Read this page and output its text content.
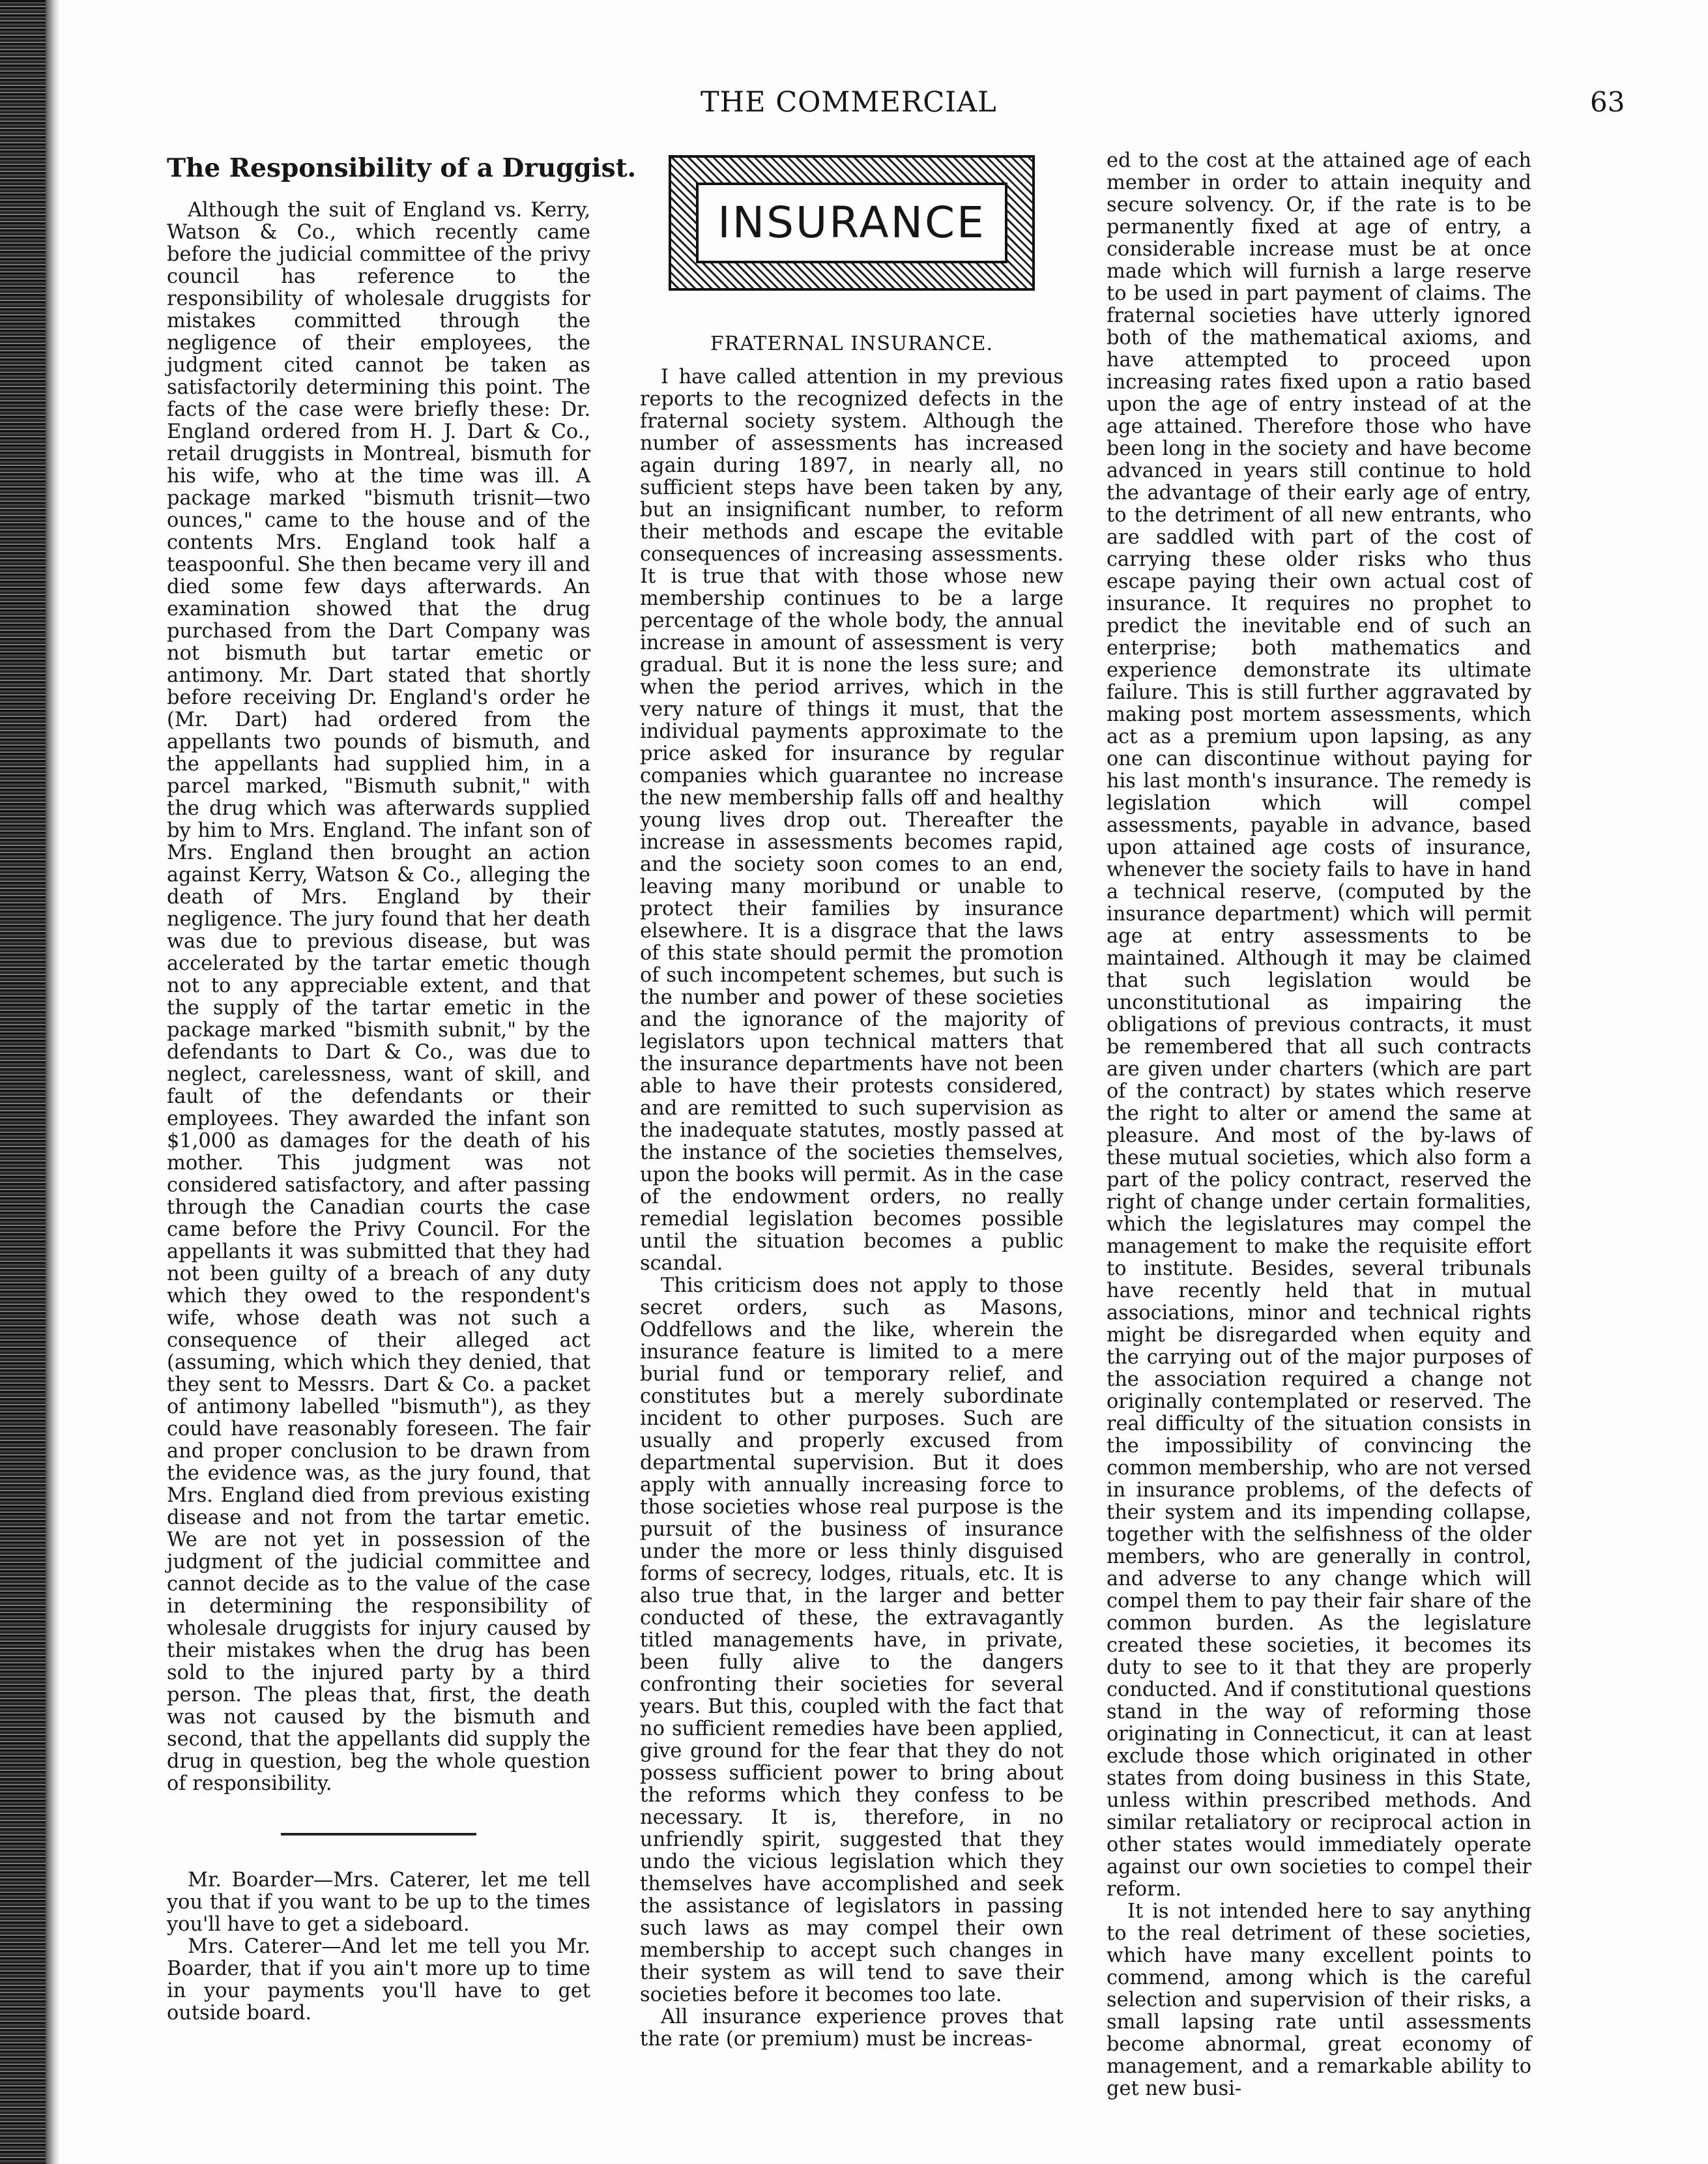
THE COMMERCIAL	63
The Responsibility of a Druggist.

Although the suit of England vs. Kerry, Watson & Co., which recently came before the judicial committee of the privy council has reference to the responsibility of wholesale druggists for mistakes committed through the negligence of their employees, the judgment cited cannot be taken as satisfactorily determining this point. The facts of the case were briefly these: Dr. England ordered from H. J. Dart & Co., retail druggists in Montreal, bismuth for his wife, who at the time was ill. A package marked "bismuth trisnit—two ounces," came to the house and of the contents Mrs. England took half a teaspoonful. She then became very ill and died some few days afterwards. An examination showed that the drug purchased from the Dart Company was not bismuth but tartar emetic or antimony. Mr. Dart stated that shortly before receiving Dr. England's order he (Mr. Dart) had ordered from the appellants two pounds of bismuth, and the appellants had supplied him, in a parcel marked, "Bismuth subnit," with the drug which was afterwards supplied by him to Mrs. England. The infant son of Mrs. England then brought an action against Kerry, Watson & Co., alleging the death of Mrs. England by their negligence. The jury found that her death was due to previous disease, but was accelerated by the tartar emetic though not to any appreciable extent, and that the supply of the tartar emetic in the package marked "bismith subnit," by the defendants to Dart & Co., was due to neglect, carelessness, want of skill, and fault of the defendants or their employees. They awarded the infant son $1,000 as damages for the death of his mother. This judgment was not considered satisfactory, and after passing through the Canadian courts the case came before the Privy Council. For the appellants it was submitted that they had not been guilty of a breach of any duty which they owed to the respondent's wife, whose death was not such a consequence of their alleged act (assuming, which which they denied, that they sent to Messrs. Dart & Co. a packet of antimony labelled "bismuth"), as they could have reasonably foreseen. The fair and proper conclusion to be drawn from the evidence was, as the jury found, that Mrs. England died from previous existing disease and not from the tartar emetic. We are not yet in possession of the judgment of the judicial committee and cannot decide as to the value of the case in determining the responsibility of wholesale druggists for injury caused by their mistakes when the drug has been sold to the injured party by a third person. The pleas that, first, the death was not caused by the bismuth and second, that the appellants did supply the drug in question, beg the whole question of responsibility.

Mr. Boarder—Mrs. Caterer, let me tell you that if you want to be up to the times you'll have to get a sideboard.

Mrs. Caterer—And let me tell you Mr. Boarder, that if you ain't more up to time in your payments you'll have to get outside board.

INSURANCE
FRATERNAL INSURANCE.

I have called attention in my previous reports to the recognized defects in the fraternal society system. Although the number of assessments has increased again during 1897, in nearly all, no sufficient steps have been taken by any, but an insignificant number, to reform their methods and escape the evitable consequences of increasing assessments. It is true that with those whose new membership continues to be a large percentage of the whole body, the annual increase in amount of assessment is very gradual. But it is none the less sure; and when the period arrives, which in the very nature of things it must, that the individual payments approximate to the price asked for insurance by regular companies which guarantee no increase the new membership falls off and healthy young lives drop out. Thereafter the increase in assessments becomes rapid, and the society soon comes to an end, leaving many moribund or unable to protect their families by insurance elsewhere. It is a disgrace that the laws of this state should permit the promotion of such incompetent schemes, but such is the number and power of these societies and the ignorance of the majority of legislators upon technical matters that the insurance departments have not been able to have their protests considered, and are remitted to such supervision as the inadequate statutes, mostly passed at the instance of the societies themselves, upon the books will permit. As in the case of the endowment orders, no really remedial legislation becomes possible until the situation becomes a public scandal.

This criticism does not apply to those secret orders, such as Masons, Oddfellows and the like, wherein the insurance feature is limited to a mere burial fund or temporary relief, and constitutes but a merely subordinate incident to other purposes. Such are usually and properly excused from departmental supervision. But it does apply with annually increasing force to those societies whose real purpose is the pursuit of the business of insurance under the more or less thinly disguised forms of secrecy, lodges, rituals, etc. It is also true that, in the larger and better conducted of these, the extravagantly titled managements have, in private, been fully alive to the dangers confronting their societies for several years. But this, coupled with the fact that no sufficient remedies have been applied, give ground for the fear that they do not possess sufficient power to bring about the reforms which they confess to be necessary. It is, therefore, in no unfriendly spirit, suggested that they undo the vicious legislation which they themselves have accomplished and seek the assistance of legislators in passing such laws as may compel their own membership to accept such changes in their system as will tend to save their societies before it becomes too late.

All insurance experience proves that the rate (or premium) must be increas-

ed to the cost at the attained age of each member in order to attain inequity and secure solvency. Or, if the rate is to be permanently fixed at age of entry, a considerable increase must be at once made which will furnish a large reserve to be used in part payment of claims. The fraternal societies have utterly ignored both of the mathematical axioms, and have attempted to proceed upon increasing rates fixed upon a ratio based upon the age of entry instead of at the age attained. Therefore those who have been long in the society and have become advanced in years still continue to hold the advantage of their early age of entry, to the detriment of all new entrants, who are saddled with part of the cost of carrying these older risks who thus escape paying their own actual cost of insurance. It requires no prophet to predict the inevitable end of such an enterprise; both mathematics and experience demonstrate its ultimate failure. This is still further aggravated by making post mortem assessments, which act as a premium upon lapsing, as any one can discontinue without paying for his last month's insurance. The remedy is legislation which will compel assessments, payable in advance, based upon attained age costs of insurance, whenever the society fails to have in hand a technical reserve, (computed by the insurance department) which will permit age at entry assessments to be maintained. Although it may be claimed that such legislation would be unconstitutional as impairing the obligations of previous contracts, it must be remembered that all such contracts are given under charters (which are part of the contract) by states which reserve the right to alter or amend the same at pleasure. And most of the by-laws of these mutual societies, which also form a part of the policy contract, reserved the right of change under certain formalities, which the legislatures may compel the management to make the requisite effort to institute. Besides, several tribunals have recently held that in mutual associations, minor and technical rights might be disregarded when equity and the carrying out of the major purposes of the association required a change not originally contemplated or reserved. The real difficulty of the situation consists in the impossibility of convincing the common membership, who are not versed in insurance problems, of the defects of their system and its impending collapse, together with the selfishness of the older members, who are generally in control, and adverse to any change which will compel them to pay their fair share of the common burden. As the legislature created these societies, it becomes its duty to see to it that they are properly conducted. And if constitutional questions stand in the way of reforming those originating in Connecticut, it can at least exclude those which originated in other states from doing business in this State, unless within prescribed methods. And similar retaliatory or reciprocal action in other states would immediately operate against our own societies to compel their reform.

It is not intended here to say anything to the real detriment of these societies, which have many excellent points to commend, among which is the careful selection and supervision of their risks, a small lapsing rate until assessments become abnormal, great economy of management, and a remarkable ability to get new busi-
